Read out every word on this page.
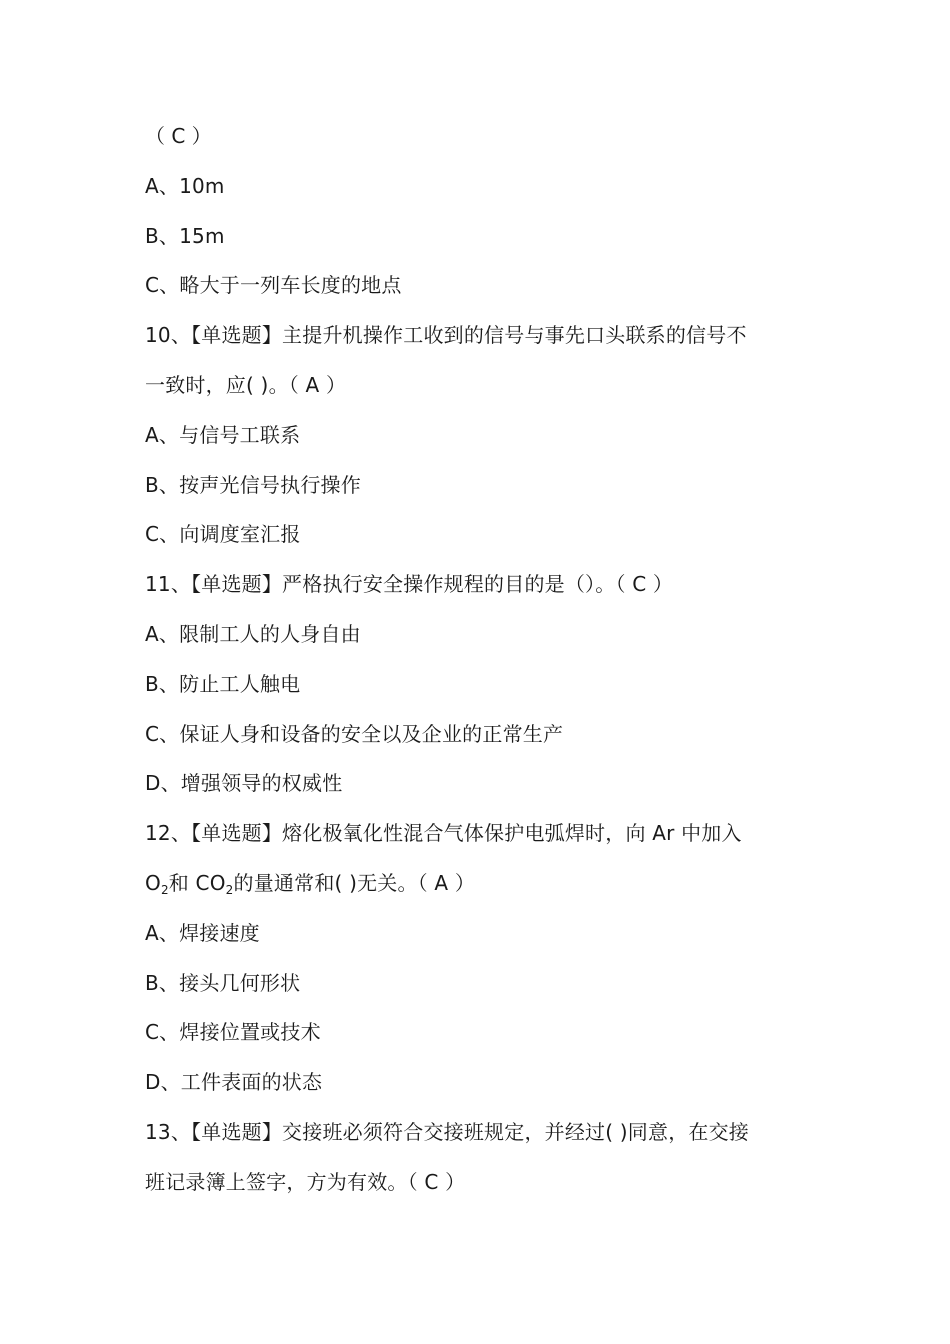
（ C ）
A、10m
B、15m
C、略大于一列车长度的地点
10、【单选题】主提升机操作工收到的信号与事先口头联系的信号不
一致时，应( )。（ A ）
A、与信号工联系
B、按声光信号执行操作
C、向调度室汇报
11、【单选题】严格执行安全操作规程的目的是（）。（ C ）
A、限制工人的人身自由
B、防止工人触电
C、保证人身和设备的安全以及企业的正常生产
D、增强领导的权威性
12、【单选题】熔化极氧化性混合气体保护电弧焊时，向 Ar 中加入
$O_2$和 $CO_2$的量通常和( )无关。（ A ）
A、焊接速度
B、接头几何形状
C、焊接位置或技术
D、工件表面的状态
13、【单选题】交接班必须符合交接班规定，并经过( )同意，在交接
班记录簿上签字，方为有效。（ C ）
